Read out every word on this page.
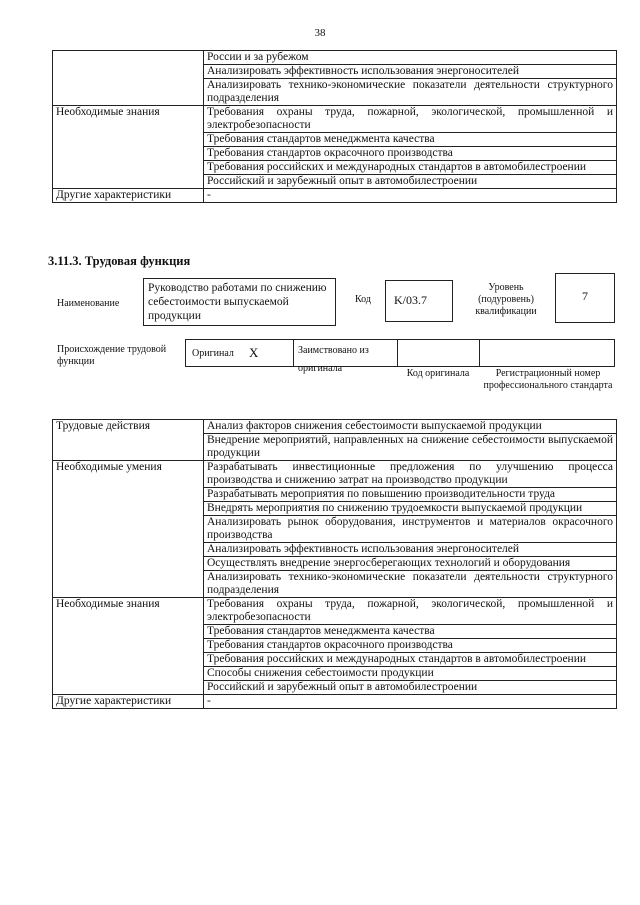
38
	России и за рубежом
	Анализировать эффективность использования энергоносителей
	Анализировать технико-экономические показатели деятельности структурного подразделения
Необходимые знания	Требования охраны труда, пожарной, экологической, промышленной и электробезопасности
	Требования стандартов менеджмента качества
	Требования стандартов окрасочного производства
	Требования российских и международных стандартов в автомобилестроении
	Российский и зарубежный опыт в автомобилестроении
Другие характеристики	-
3.11.3. Трудовая функция
Наименование
Руководство работами по снижению себестоимости выпускаемой продукции
Код	K/03.7
Уровень (подуровень) квалификации
7
Происхождение трудовой функции
Оригинал X	Заимствовано из оригинала	Код оригинала	Регистрационный номер профессионального стандарта
Трудовые действия	Анализ факторов снижения себестоимости выпускаемой продукции
	Внедрение мероприятий, направленных на снижение себестоимости выпускаемой продукции
Необходимые умения	Разрабатывать инвестиционные предложения по улучшению процесса производства и снижению затрат на производство продукции
	Разрабатывать мероприятия по повышению производительности труда
	Внедрять мероприятия по снижению трудоемкости выпускаемой продукции
	Анализировать рынок оборудования, инструментов и материалов окрасочного производства
	Анализировать эффективность использования энергоносителей
	Осуществлять внедрение энергосберегающих технологий и оборудования
	Анализировать технико-экономические показатели деятельности структурного подразделения
Необходимые знания	Требования охраны труда, пожарной, экологической, промышленной и электробезопасности
	Требования стандартов менеджмента качества
	Требования стандартов окрасочного производства
	Требования российских и международных стандартов в автомобилестроении
	Способы снижения себестоимости продукции
	Российский и зарубежный опыт в автомобилестроении
Другие характеристики	-
